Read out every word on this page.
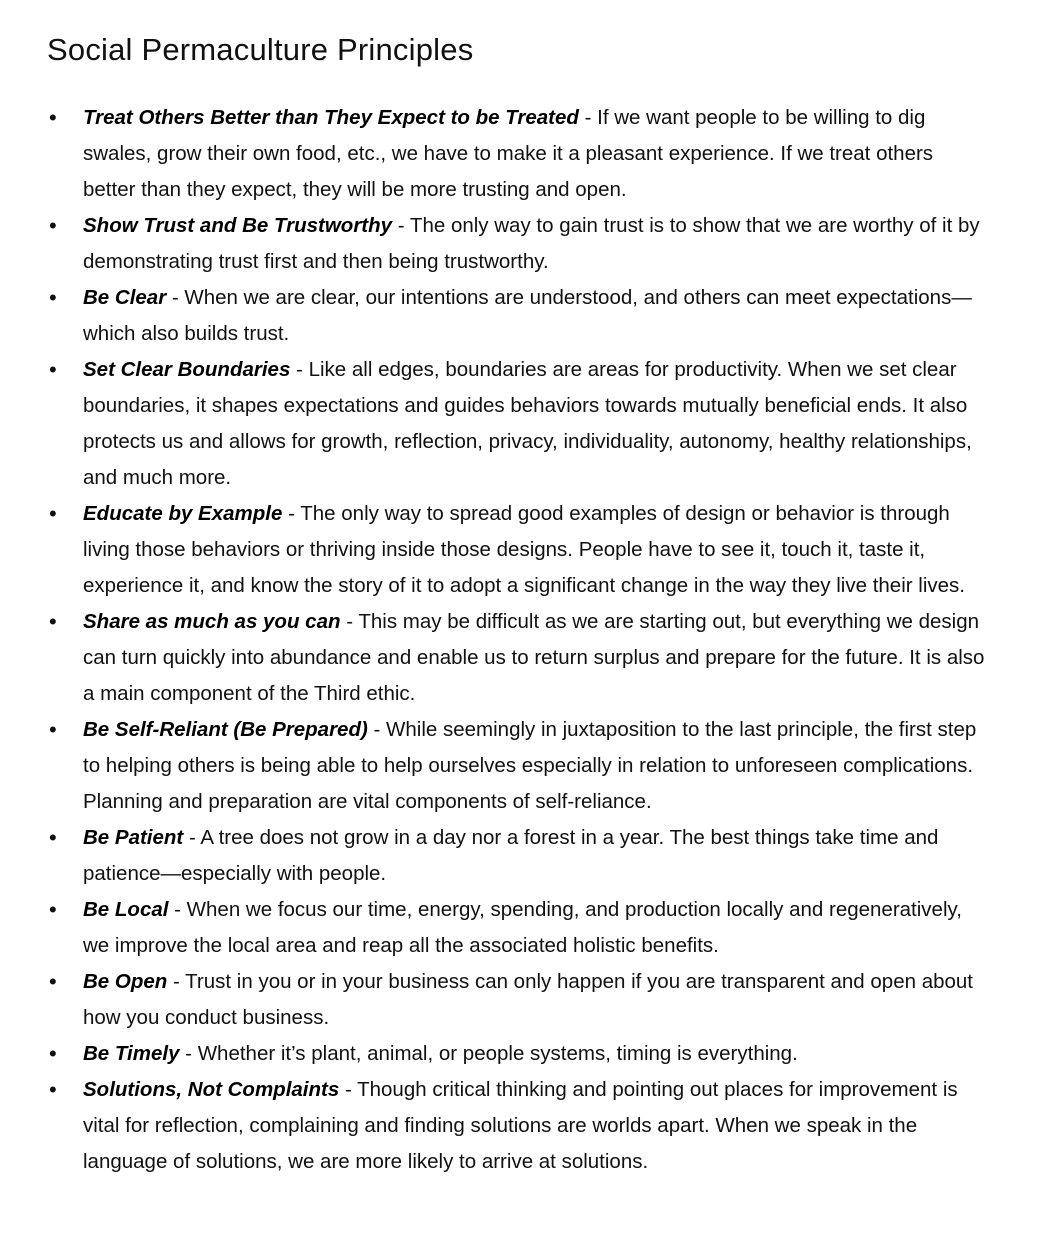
Social Permaculture Principles
• Treat Others Better than They Expect to be Treated - If we want people to be willing to dig swales, grow their own food, etc., we have to make it a pleasant experience. If we treat others better than they expect, they will be more trusting and open.
• Show Trust and Be Trustworthy - The only way to gain trust is to show that we are worthy of it by demonstrating trust first and then being trustworthy.
• Be Clear - When we are clear, our intentions are understood, and others can meet expectations—which also builds trust.
• Set Clear Boundaries - Like all edges, boundaries are areas for productivity. When we set clear boundaries, it shapes expectations and guides behaviors towards mutually beneficial ends. It also protects us and allows for growth, reflection, privacy, individuality, autonomy, healthy relationships, and much more.
• Educate by Example - The only way to spread good examples of design or behavior is through living those behaviors or thriving inside those designs. People have to see it, touch it, taste it, experience it, and know the story of it to adopt a significant change in the way they live their lives.
• Share as much as you can - This may be difficult as we are starting out, but everything we design can turn quickly into abundance and enable us to return surplus and prepare for the future. It is also a main component of the Third ethic.
• Be Self-Reliant (Be Prepared) - While seemingly in juxtaposition to the last principle, the first step to helping others is being able to help ourselves especially in relation to unforeseen complications. Planning and preparation are vital components of self-reliance.
• Be Patient - A tree does not grow in a day nor a forest in a year. The best things take time and patience—especially with people.
• Be Local - When we focus our time, energy, spending, and production locally and regeneratively, we improve the local area and reap all the associated holistic benefits.
• Be Open - Trust in you or in your business can only happen if you are transparent and open about how you conduct business.
• Be Timely - Whether it’s plant, animal, or people systems, timing is everything.
• Solutions, Not Complaints - Though critical thinking and pointing out places for improvement is vital for reflection, complaining and finding solutions are worlds apart. When we speak in the language of solutions, we are more likely to arrive at solutions.
